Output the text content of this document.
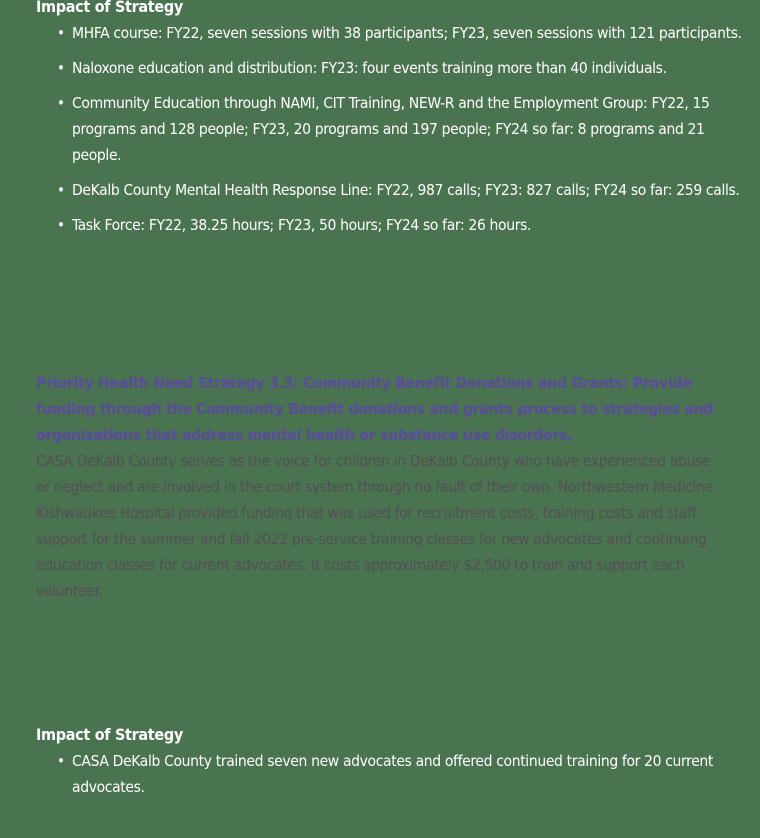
Impact of Strategy
• MHFA course: FY22, seven sessions with 38 participants; FY23, seven sessions with 121 participants.
• Naloxone education and distribution: FY23: four events training more than 40 individuals.
• Community Education through NAMI, CIT Training, NEW-R and the Employment Group: FY22, 15 programs and 128 people; FY23, 20 programs and 197 people; FY24 so far: 8 programs and 21 people.
• DeKalb County Mental Health Response Line: FY22, 987 calls; FY23: 827 calls; FY24 so far: 259 calls.
• Task Force: FY22, 38.25 hours; FY23, 50 hours; FY24 so far: 26 hours.

Priority Health Need Strategy 3.3: Community Benefit Donations and Grants: Provide funding through the Community Benefit donations and grants process to strategies and organizations that address mental health or substance use disorders.

CASA DeKalb County serves as the voice for children in DeKalb County who have experienced abuse or neglect and are involved in the court system through no fault of their own. Northwestern Medicine Kishwaukee Hospital provided funding that was used for recruitment costs, training costs and staff support for the summer and fall 2022 pre-service training classes for new advocates and continuing education classes for current advocates. It costs approximately $2,500 to train and support each volunteer.

Impact of Strategy
• CASA DeKalb County trained seven new advocates and offered continued training for 20 current advocates.
